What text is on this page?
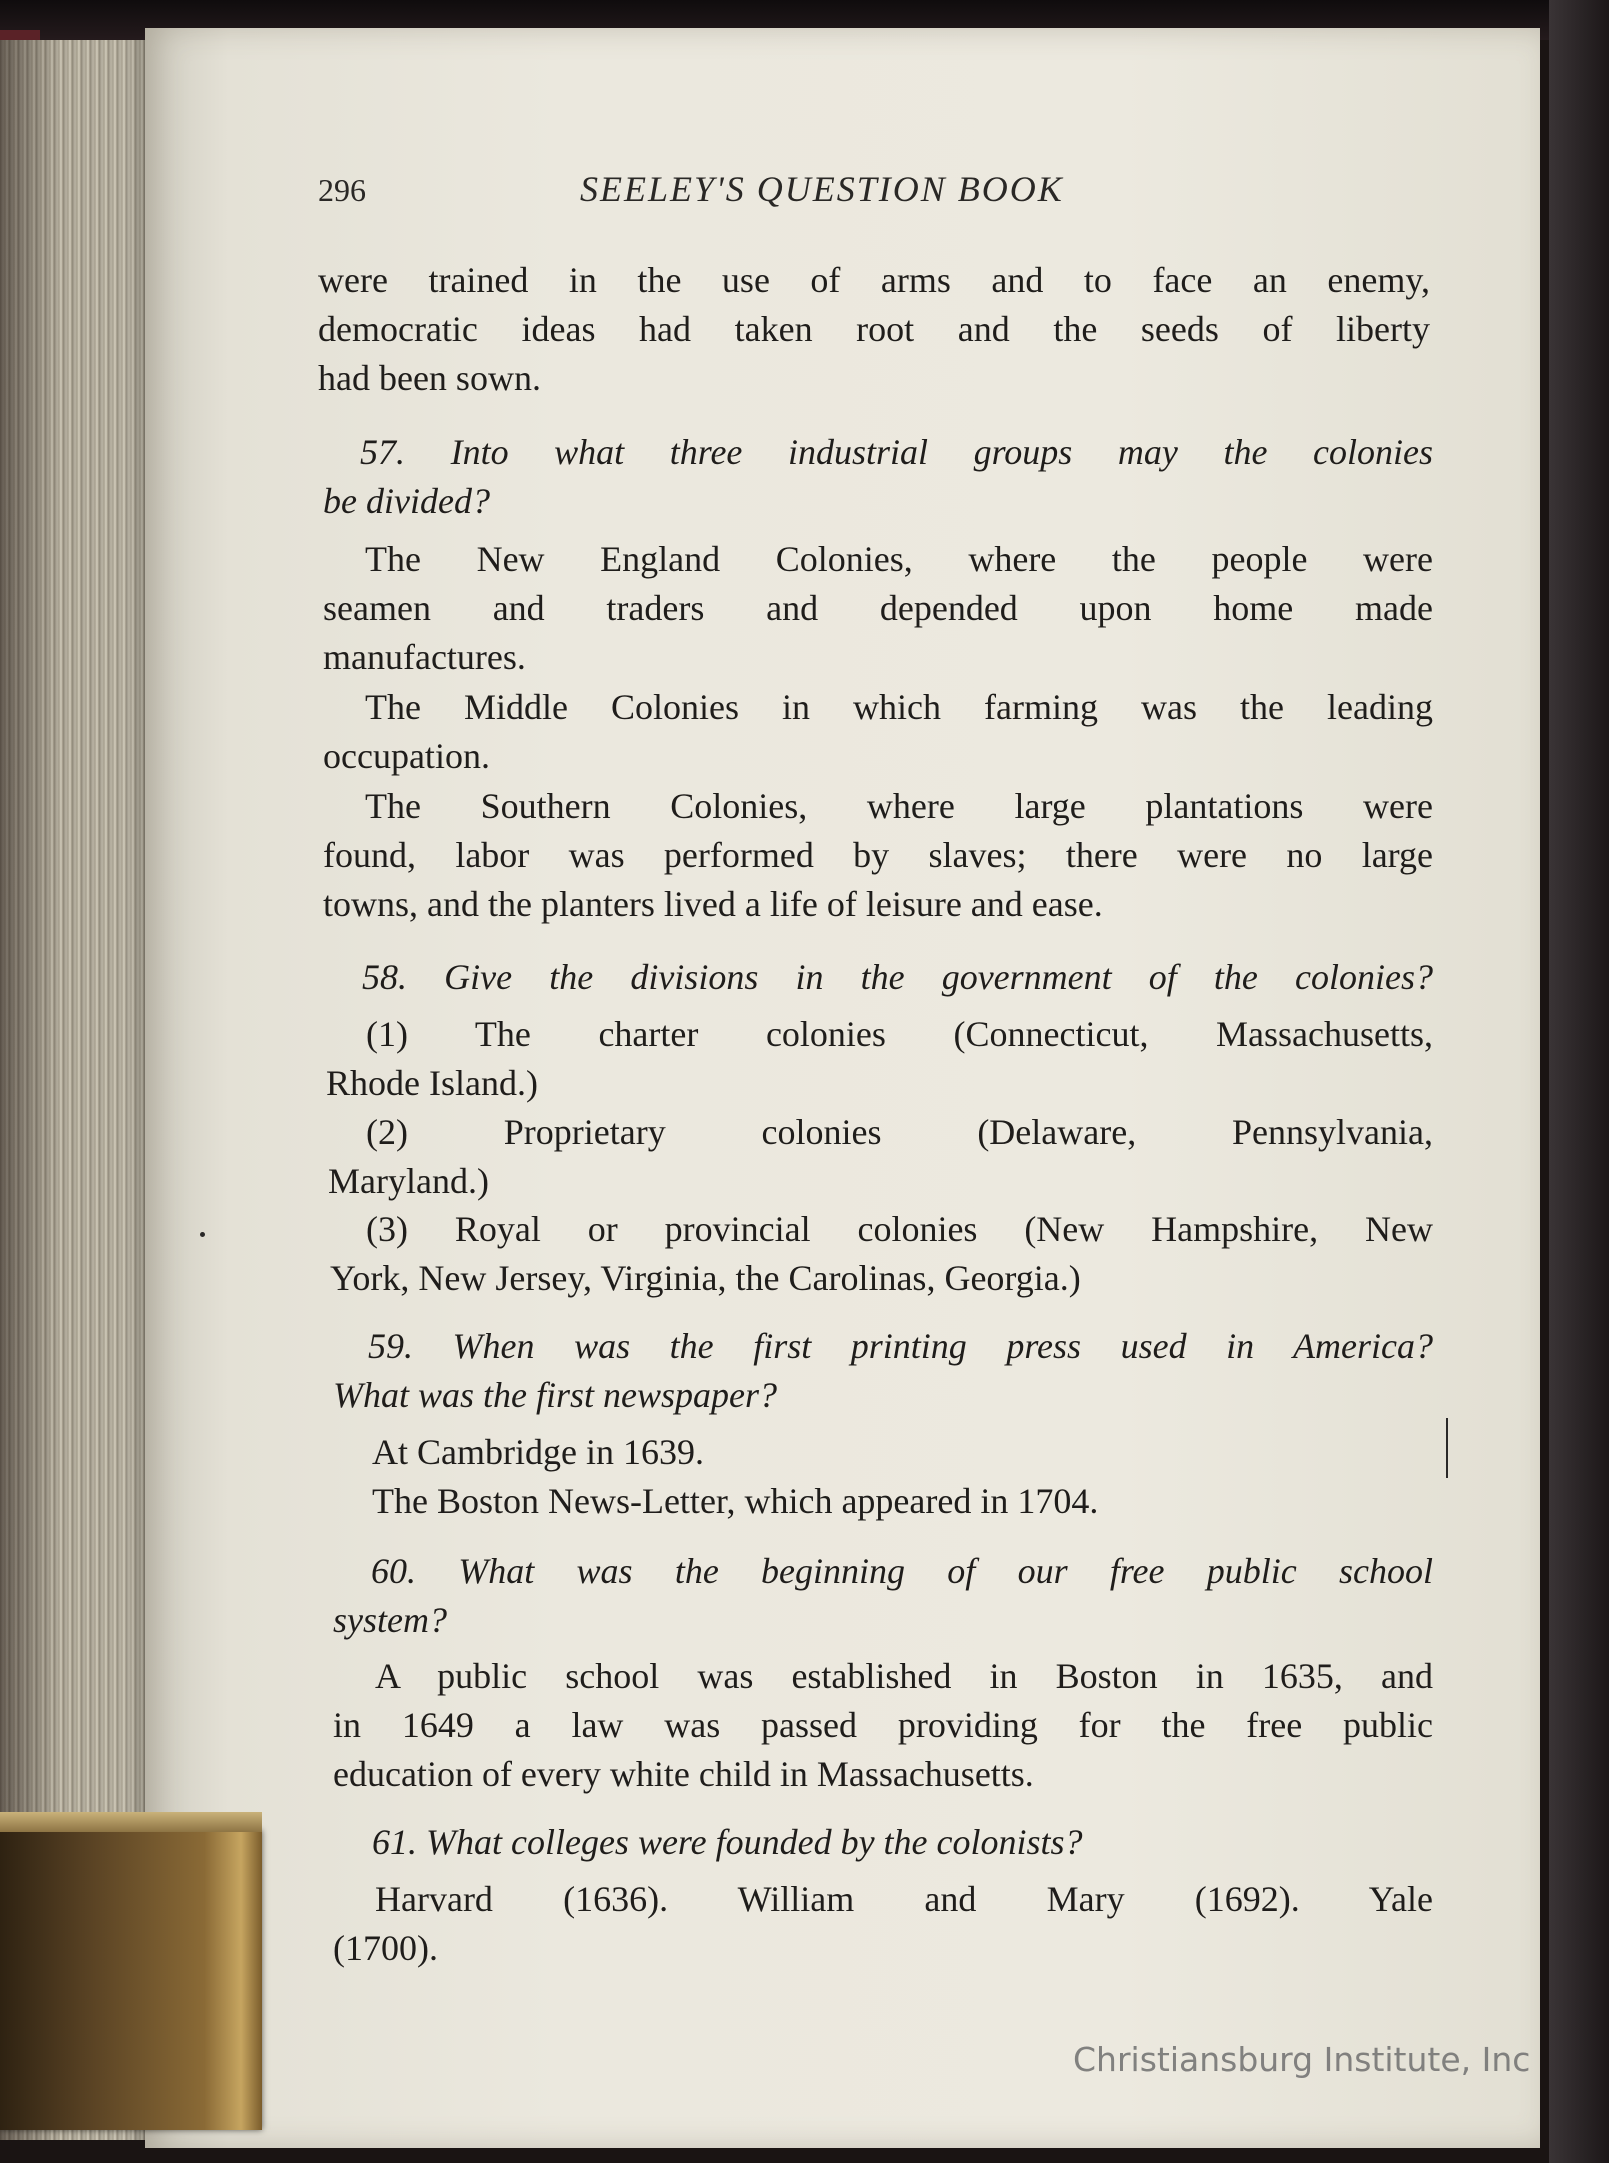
296	SEELEY'S QUESTION BOOK
were trained in the use of arms and to face an enemy,
democratic ideas had taken root and the seeds of liberty
had been sown.
57. Into what three industrial groups may the colonies
be divided?
The New England Colonies, where the people were
seamen and traders and depended upon home made
manufactures.
The Middle Colonies in which farming was the leading
occupation.
The Southern Colonies, where large plantations were
found, labor was performed by slaves; there were no large
towns, and the planters lived a life of leisure and ease.
58. Give the divisions in the government of the colonies?
(1) The charter colonies (Connecticut, Massachusetts,
Rhode Island.)
(2) Proprietary colonies (Delaware, Pennsylvania,
Maryland.)
(3) Royal or provincial colonies (New Hampshire, New
York, New Jersey, Virginia, the Carolinas, Georgia.)
59. When was the first printing press used in America?
What was the first newspaper?
At Cambridge in 1639.
The Boston News-Letter, which appeared in 1704.
60. What was the beginning of our free public school
system?
A public school was established in Boston in 1635, and
in 1649 a law was passed providing for the free public
education of every white child in Massachusetts.
61. What colleges were founded by the colonists?
Harvard (1636). William and Mary (1692). Yale
(1700).
Christiansburg Institute, Inc
